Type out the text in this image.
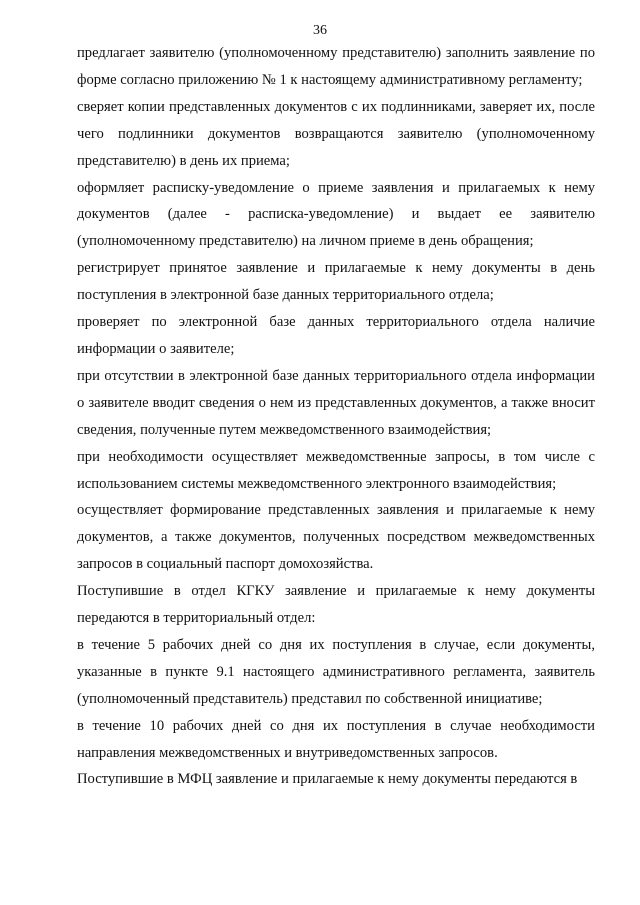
36

предлагает заявителю (уполномоченному представителю) заполнить заявление по форме согласно приложению № 1 к настоящему административному регламенту;

сверяет копии представленных документов с их подлинниками, заверяет их, после чего подлинники документов возвращаются заявителю (уполномоченному представителю) в день их приема;

оформляет расписку-уведомление о приеме заявления и прилагаемых к нему документов (далее - расписка-уведомление) и выдает ее заявителю (уполномоченному представителю) на личном приеме в день обращения;

регистрирует принятое заявление и прилагаемые к нему документы в день поступления в электронной базе данных территориального отдела;

проверяет по электронной базе данных территориального отдела наличие информации о заявителе;

при отсутствии в электронной базе данных территориального отдела информации о заявителе вводит сведения о нем из представленных документов, а также вносит сведения, полученные путем межведомственного взаимодействия;

при необходимости осуществляет межведомственные запросы, в том числе с использованием системы межведомственного электронного взаимодействия;

осуществляет формирование представленных заявления и прилагаемые к нему документов, а также документов, полученных посредством межведомственных запросов в социальный паспорт домохозяйства.

Поступившие в отдел КГКУ заявление и прилагаемые к нему документы передаются в территориальный отдел:

в течение 5 рабочих дней со дня их поступления в случае, если документы, указанные в пункте 9.1 настоящего административного регламента, заявитель (уполномоченный представитель) представил по собственной инициативе;

в течение 10 рабочих дней со дня их поступления в случае необходимости направления межведомственных и внутриведомственных запросов.

Поступившие в МФЦ заявление и прилагаемые к нему документы передаются в
